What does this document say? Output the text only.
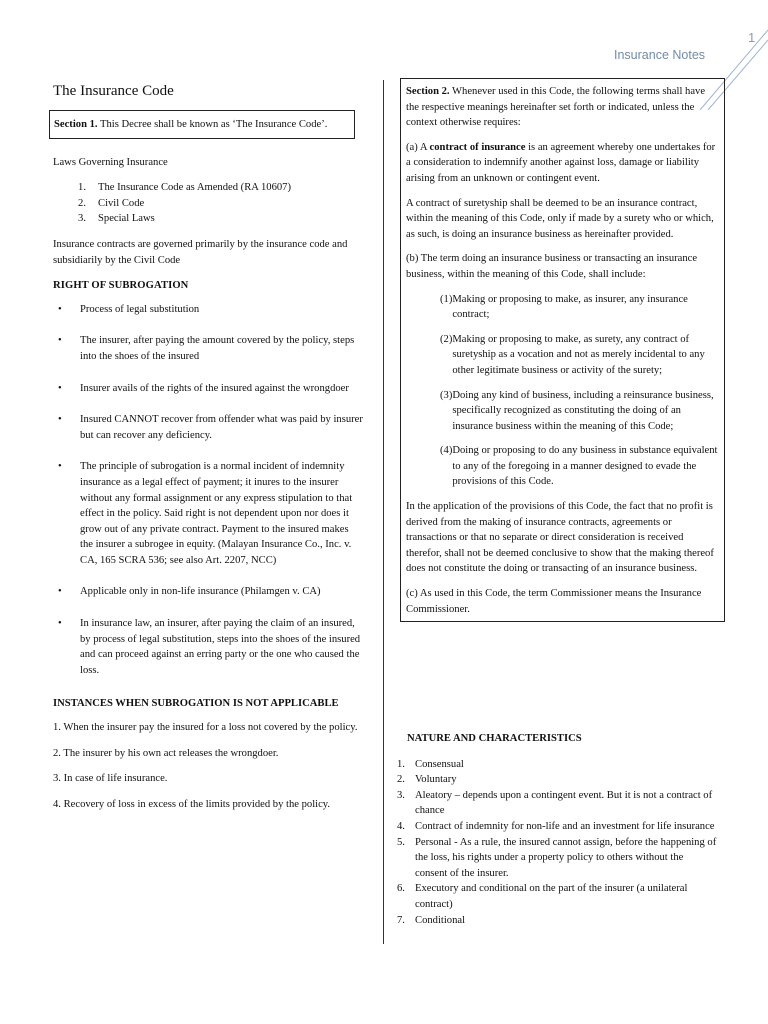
1
Insurance Notes
The Insurance Code
Section 1. This Decree shall be known as ‘The Insurance Code’.
Laws Governing Insurance
1.	The Insurance Code as Amended (RA 10607)
2.	Civil Code
3.	Special Laws
Insurance contracts are governed primarily by the insurance code and subsidiarily by the Civil Code
RIGHT OF SUBROGATION
•	Process of legal substitution
•	The insurer, after paying the amount covered by the policy, steps into the shoes of the insured
•	Insurer avails of the rights of the insured against the wrongdoer
•	Insured CANNOT recover from offender what was paid by insurer but can recover any deficiency.
•	The principle of subrogation is a normal incident of indemnity insurance as a legal effect of payment; it inures to the insurer without any formal assignment or any express stipulation to that effect in the policy. Said right is not dependent upon nor does it grow out of any private contract. Payment to the insured makes the insurer a subrogee in equity. (Malayan Insurance Co., Inc. v. CA, 165 SCRA 536; see also Art. 2207, NCC)
•	Applicable only in non-life insurance (Philamgen v. CA)
•	In insurance law, an insurer, after paying the claim of an insured, by process of legal substitution, steps into the shoes of the insured and can proceed against an erring party or the one who caused the loss.
INSTANCES WHEN SUBROGATION IS NOT APPLICABLE
1. When the insurer pay the insured for a loss not covered by the policy.
2. The insurer by his own act releases the wrongdoer.
3. In case of life insurance.
4. Recovery of loss in excess of the limits provided by the policy.
Section 2. Whenever used in this Code, the following terms shall have the respective meanings hereinafter set forth or indicated, unless the context otherwise requires:
(a) A contract of insurance is an agreement whereby one undertakes for a consideration to indemnify another against loss, damage or liability arising from an unknown or contingent event.
A contract of suretyship shall be deemed to be an insurance contract, within the meaning of this Code, only if made by a surety who or which, as such, is doing an insurance business as hereinafter provided.
(b) The term doing an insurance business or transacting an insurance business, within the meaning of this Code, shall include:
(1) Making or proposing to make, as insurer, any insurance contract;
(2) Making or proposing to make, as surety, any contract of suretyship as a vocation and not as merely incidental to any other legitimate business or activity of the surety;
(3) Doing any kind of business, including a reinsurance business, specifically recognized as constituting the doing of an insurance business within the meaning of this Code;
(4) Doing or proposing to do any business in substance equivalent to any of the foregoing in a manner designed to evade the provisions of this Code.
In the application of the provisions of this Code, the fact that no profit is derived from the making of insurance contracts, agreements or transactions or that no separate or direct consideration is received therefor, shall not be deemed conclusive to show that the making thereof does not constitute the doing or transacting of an insurance business.
(c) As used in this Code, the term Commissioner means the Insurance Commissioner.
NATURE AND CHARACTERISTICS
1. Consensual
2. Voluntary
3. Aleatory – depends upon a contingent event. But it is not a contract of chance
4. Contract of indemnity for non-life and an investment for life insurance
5. Personal - As a rule, the insured cannot assign, before the happening of the loss, his rights under a property policy to others without the consent of the insurer.
6. Executory and conditional on the part of the insurer (a unilateral contract)
7. Conditional
